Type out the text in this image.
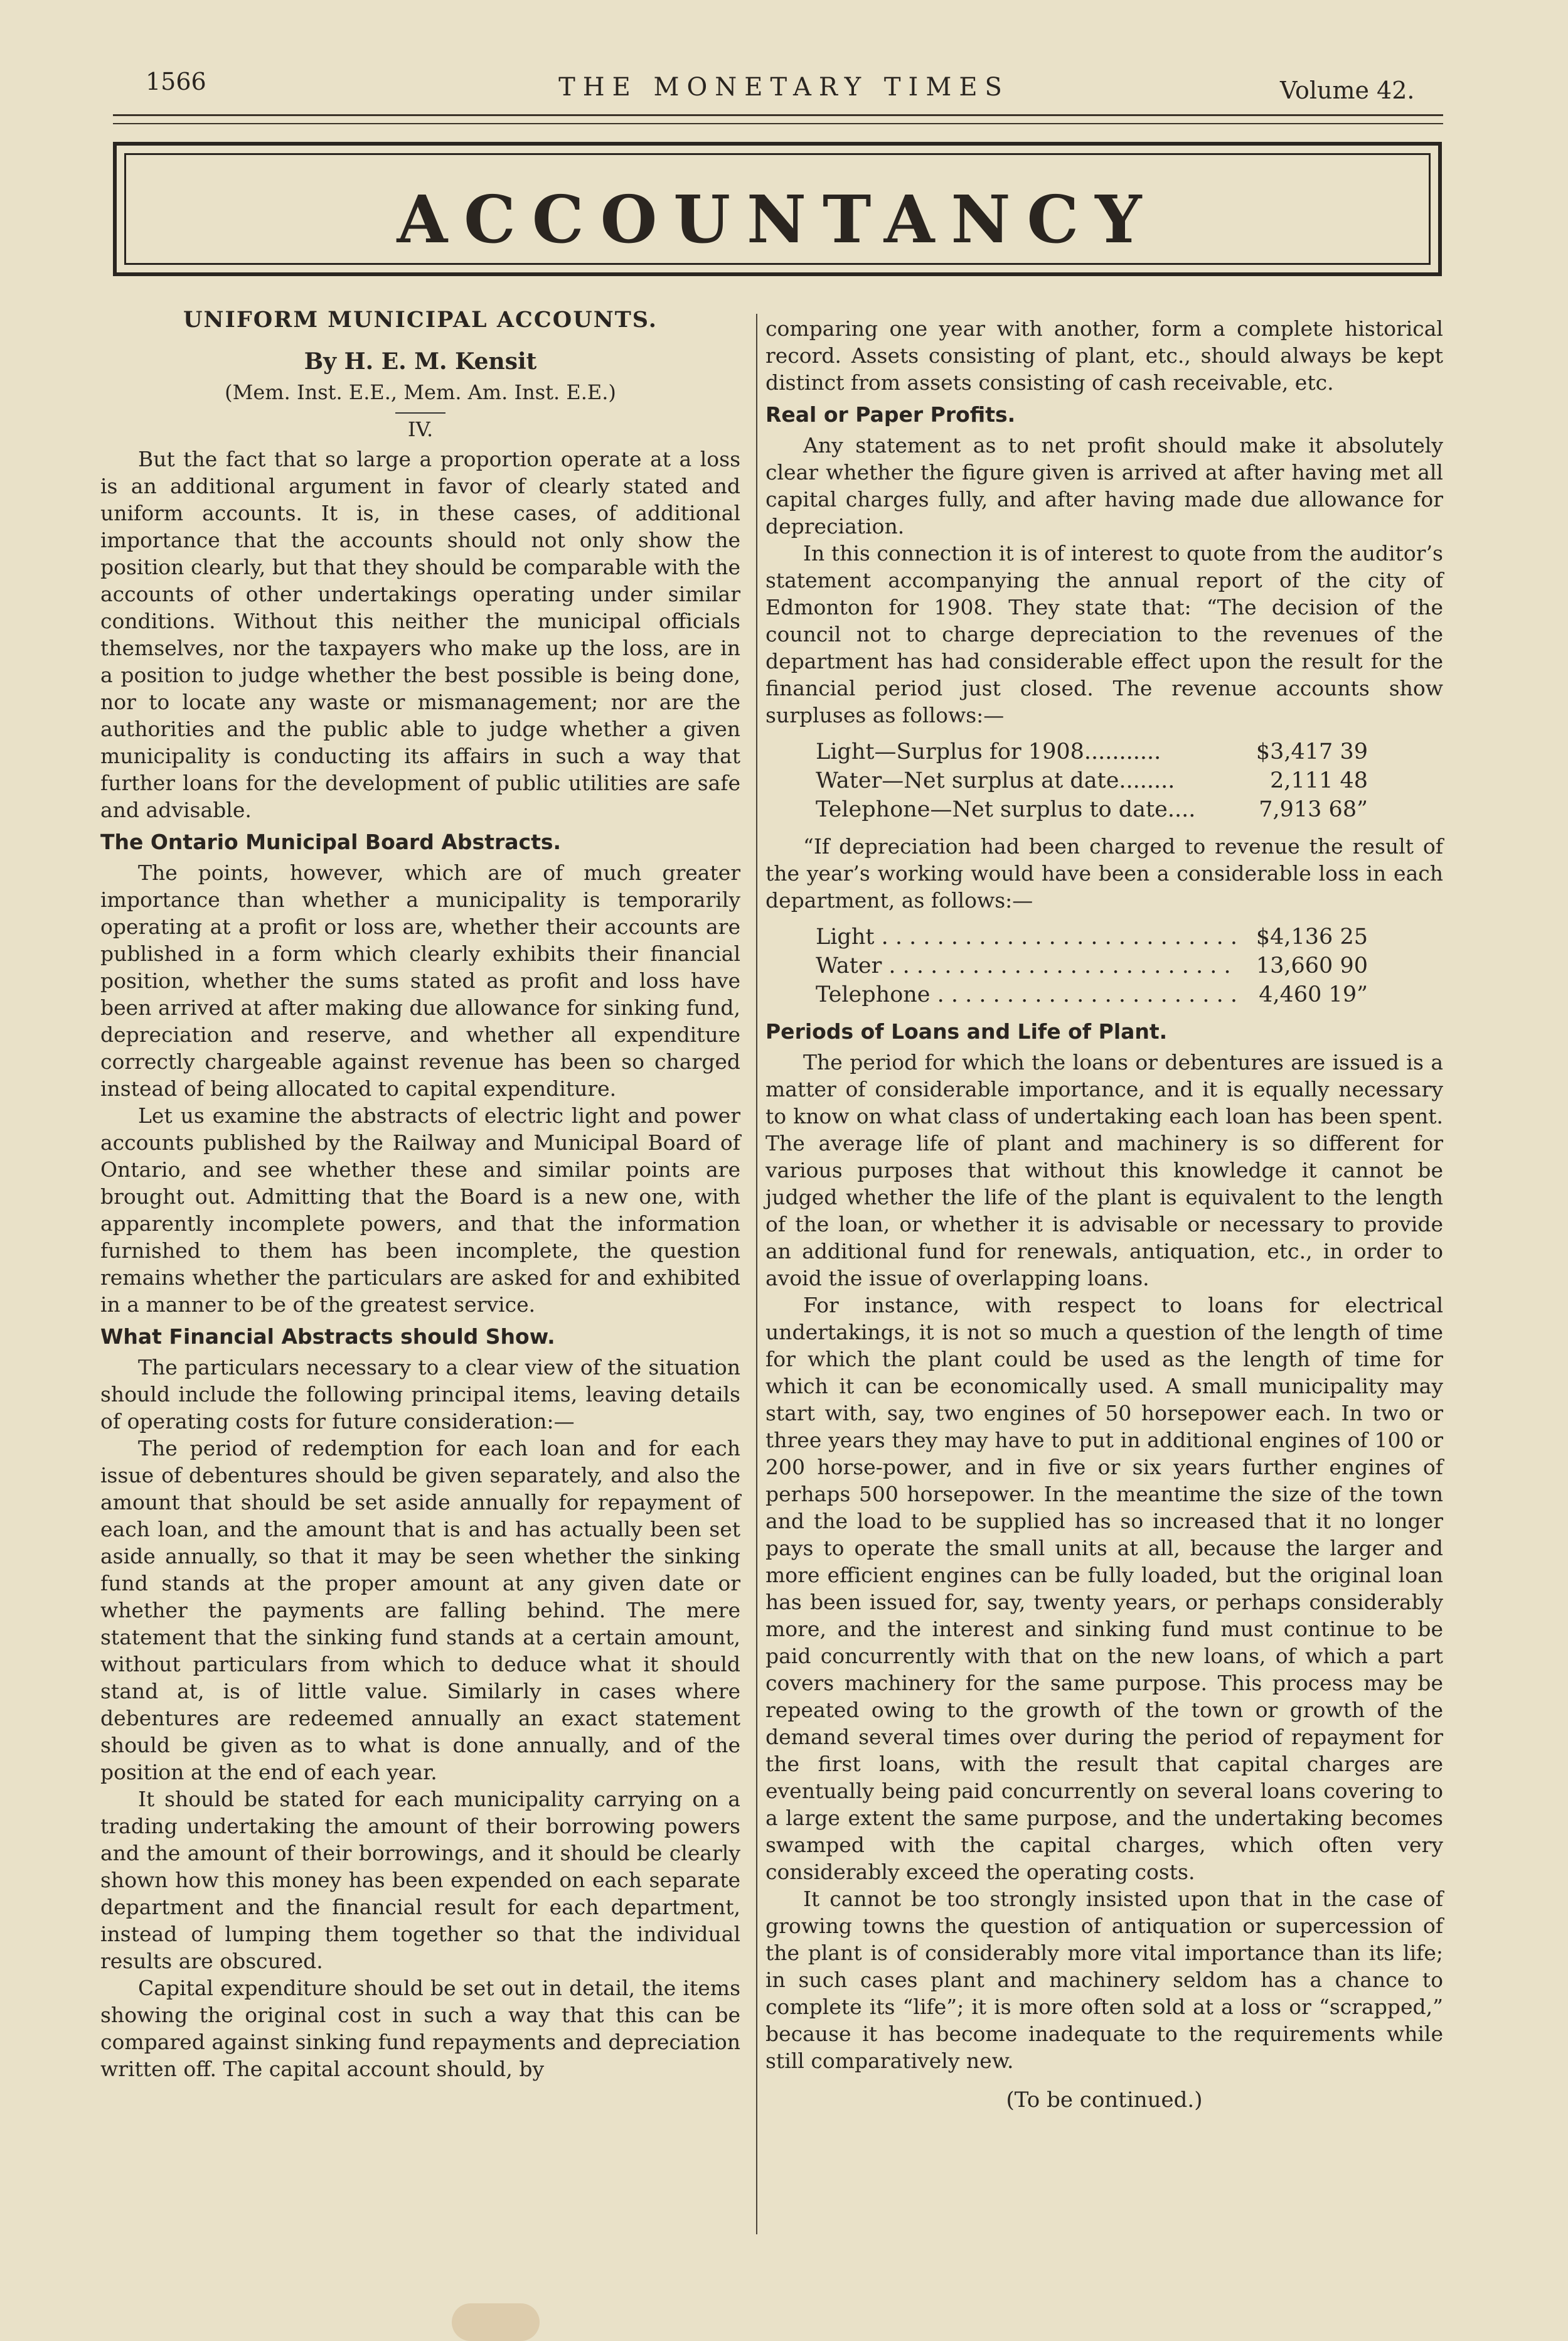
1566	THE MONETARY TIMES	Volume 42.
ACCOUNTANCY
UNIFORM MUNICIPAL ACCOUNTS.
By H. E. M. Kensit
(Mem. Inst. E.E., Mem. Am. Inst. E.E.)
IV.

But the fact that so large a proportion operate at a loss is an additional argument in favor of clearly stated and uniform accounts. It is, in these cases, of additional importance that the accounts should not only show the position clearly, but that they should be comparable with the accounts of other undertakings operating under similar conditions. Without this neither the municipal officials themselves, nor the taxpayers who make up the loss, are in a position to judge whether the best possible is being done, nor to locate any waste or mismanagement; nor are the authorities and the public able to judge whether a given municipality is conducting its affairs in such a way that further loans for the development of public utilities are safe and advisable.

The Ontario Municipal Board Abstracts.

The points, however, which are of much greater importance than whether a municipality is temporarily operating at a profit or loss are, whether their accounts are published in a form which clearly exhibits their financial position, whether the sums stated as profit and loss have been arrived at after making due allowance for sinking fund, depreciation and reserve, and whether all expenditure correctly chargeable against revenue has been so charged instead of being allocated to capital expenditure.

Let us examine the abstracts of electric light and power accounts published by the Railway and Municipal Board of Ontario, and see whether these and similar points are brought out. Admitting that the Board is a new one, with apparently incomplete powers, and that the information furnished to them has been incomplete, the question remains whether the particulars are asked for and exhibited in a manner to be of the greatest service.

What Financial Abstracts should Show.

The particulars necessary to a clear view of the situation should include the following principal items, leaving details of operating costs for future consideration:—

The period of redemption for each loan and for each issue of debentures should be given separately, and also the amount that should be set aside annually for repayment of each loan, and the amount that is and has actually been set aside annually, so that it may be seen whether the sinking fund stands at the proper amount at any given date or whether the payments are falling behind. The mere statement that the sinking fund stands at a certain amount, without particulars from which to deduce what it should stand at, is of little value. Similarly in cases where debentures are redeemed annually an exact statement should be given as to what is done annually, and of the position at the end of each year.

It should be stated for each municipality carrying on a trading undertaking the amount of their borrowing powers and the amount of their borrowings, and it should be clearly shown how this money has been expended on each separate department and the financial result for each department, instead of lumping them together so that the individual results are obscured.

Capital expenditure should be set out in detail, the items showing the original cost in such a way that this can be compared against sinking fund repayments and depreciation written off. The capital account should, by

comparing one year with another, form a complete historical record. Assets consisting of plant, etc., should always be kept distinct from assets consisting of cash receivable, etc.

Real or Paper Profits.

Any statement as to net profit should make it absolutely clear whether the figure given is arrived at after having met all capital charges fully, and after having made due allowance for depreciation.

In this connection it is of interest to quote from the auditor’s statement accompanying the annual report of the city of Edmonton for 1908. They state that: “The decision of the council not to charge depreciation to the revenues of the department has had considerable effect upon the result for the financial period just closed. The revenue accounts show surpluses as follows:—

Light—Surplus for 1908...........	$3,417 39
Water—Net surplus at date........	2,111 48
Telephone—Net surplus to date....	7,913 68”

“If depreciation had been charged to revenue the result of the year’s working would have been a considerable loss in each department, as follows:—

Light . . . . . . . . . . . . . . . . . . . . . . . . . . $4,136 25
Water . . . . . . . . . . . . . . . . . . . . . . . . . 13,660 90
Telephone . . . . . . . . . . . . . . . . . . . . . . 4,460 19”
Periods of Loans and Life of Plant.

The period for which the loans or debentures are issued is a matter of considerable importance, and it is equally necessary to know on what class of undertaking each loan has been spent. The average life of plant and machinery is so different for various purposes that without this knowledge it cannot be judged whether the life of the plant is equivalent to the length of the loan, or whether it is advisable or necessary to provide an additional fund for renewals, antiquation, etc., in order to avoid the issue of overlapping loans.

For instance, with respect to loans for electrical undertakings, it is not so much a question of the length of time for which the plant could be used as the length of time for which it can be economically used. A small municipality may start with, say, two engines of 50 horsepower each. In two or three years they may have to put in additional engines of 100 or 200 horse-power, and in five or six years further engines of perhaps 500 horsepower. In the meantime the size of the town and the load to be supplied has so increased that it no longer pays to operate the small units at all, because the larger and more efficient engines can be fully loaded, but the original loan has been issued for, say, twenty years, or perhaps considerably more, and the interest and sinking fund must continue to be paid concurrently with that on the new loans, of which a part covers machinery for the same purpose. This process may be repeated owing to the growth of the town or growth of the demand several times over during the period of repayment for the first loans, with the result that capital charges are eventually being paid concurrently on several loans covering to a large extent the same purpose, and the undertaking becomes swamped with the capital charges, which often very considerably exceed the operating costs.

It cannot be too strongly insisted upon that in the case of growing towns the question of antiquation or supercession of the plant is of considerably more vital importance than its life; in such cases plant and machinery seldom has a chance to complete its “life”; it is more often sold at a loss or “scrapped,” because it has become inadequate to the requirements while still comparatively new.

(To be continued.)
